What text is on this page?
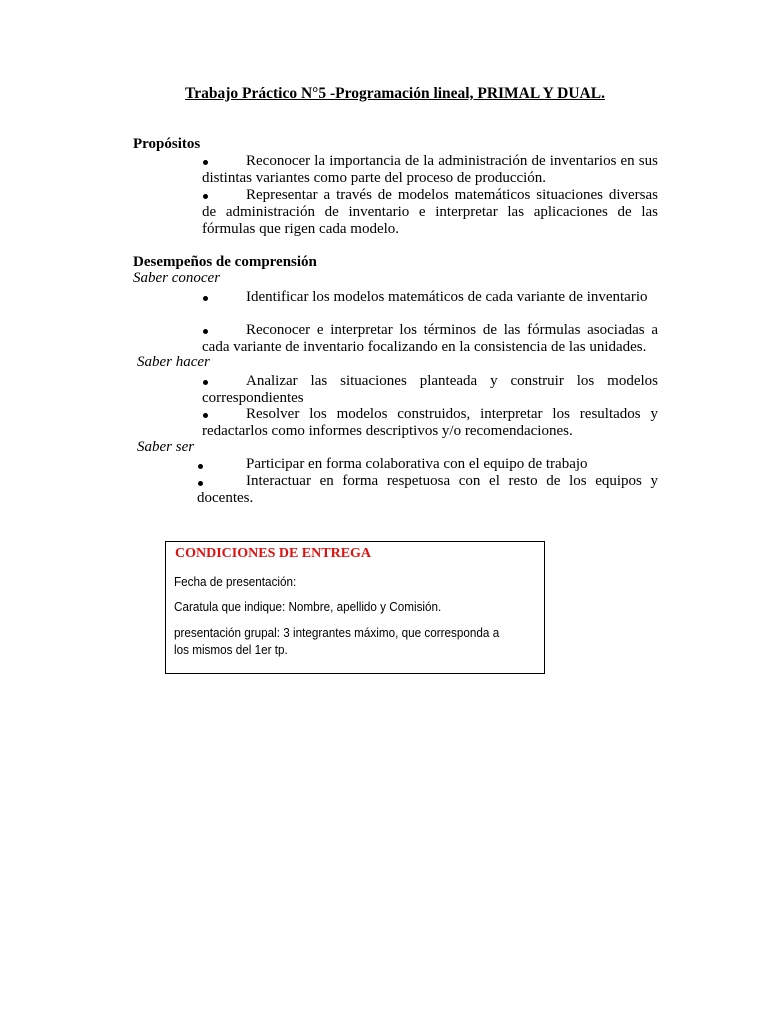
Trabajo Práctico N°5 -Programación lineal, PRIMAL Y DUAL.
Propósitos
Reconocer la importancia de la administración de inventarios en sus distintas variantes como parte del proceso de producción.
Representar a través de modelos matemáticos situaciones diversas de administración de inventario e interpretar las aplicaciones de las fórmulas que rigen cada modelo.
Desempeños de comprensión
Saber conocer
Identificar los modelos matemáticos de cada variante de inventario
Reconocer e interpretar los términos de las fórmulas asociadas a cada variante de inventario focalizando en la consistencia de las unidades.
Saber hacer
Analizar las situaciones planteada y construir los modelos correspondientes
Resolver los modelos construidos, interpretar los resultados y redactarlos como informes descriptivos y/o recomendaciones.
Saber ser
Participar en forma colaborativa con el equipo de trabajo
Interactuar en forma respetuosa con el resto de los equipos y docentes.
CONDICIONES DE ENTREGA
Fecha de presentación:
Caratula que indique: Nombre, apellido y Comisión.
presentación grupal: 3 integrantes máximo, que corresponda a
los mismos del 1er tp.
